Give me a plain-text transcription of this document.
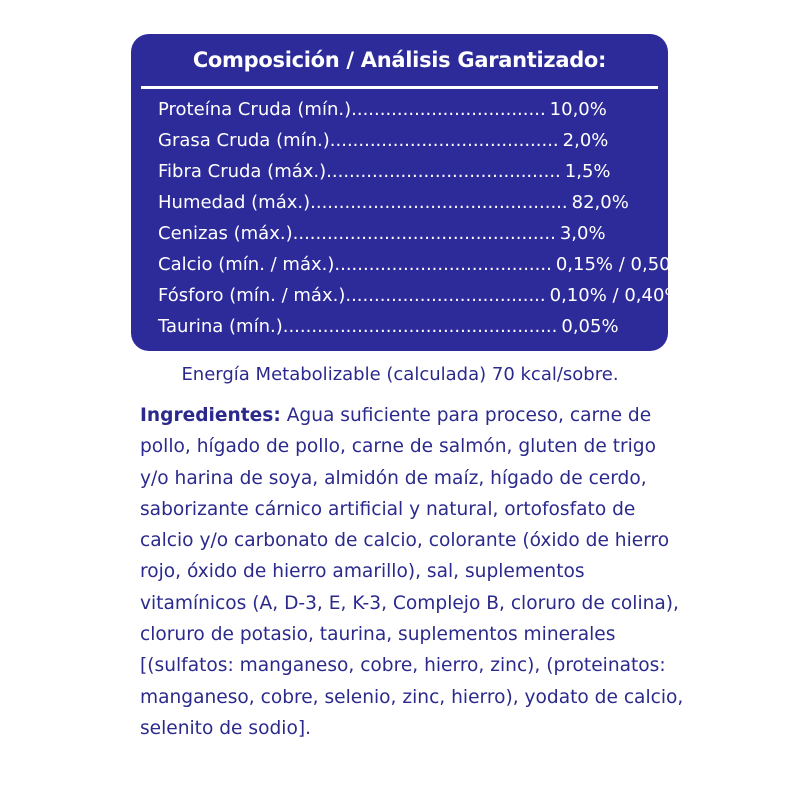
Composición / Análisis Garantizado:
Proteína Cruda (mín.) .................................. 10,0%
Grasa Cruda (mín.) ........................................ 2,0%
Fibra Cruda (máx.) ......................................... 1,5%
Humedad (máx.) ............................................. 82,0%
Cenizas (máx.) .............................................. 3,0%
Calcio (mín. / máx.) ...................................... 0,15% / 0,50%
Fósforo (mín. / máx.) ................................... 0,10% / 0,40%
Taurina (mín.) ................................................ 0,05%
Energía Metabolizable (calculada) 70 kcal/sobre.
Ingredientes: Agua suficiente para proceso, carne de pollo, hígado de pollo, carne de salmón, gluten de trigo y/o harina de soya, almidón de maíz, hígado de cerdo, saborizante cárnico artificial y natural, ortofosfato de calcio y/o carbonato de calcio, colorante (óxido de hierro rojo, óxido de hierro amarillo), sal, suplementos vitamínicos (A, D-3, E, K-3, Complejo B, cloruro de colina), cloruro de potasio, taurina, suplementos minerales [(sulfatos: manganeso, cobre, hierro, zinc), (proteinatos: manganeso, cobre, selenio, zinc, hierro), yodato de calcio, selenito de sodio].
